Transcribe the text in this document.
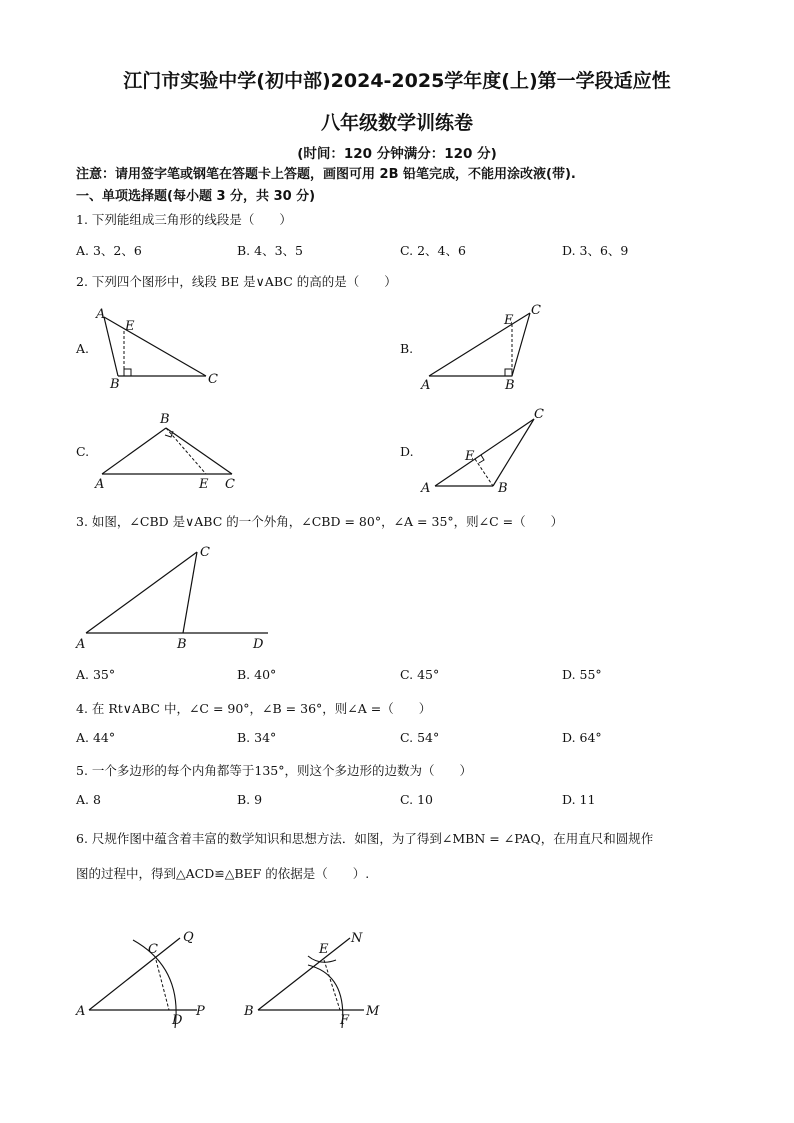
江门市实验中学(初中部)2024-2025学年度(上)第一学段适应性
八年级数学训练卷
(时间：120 分钟满分：120 分)
注意：请用签字笔或钢笔在答题卡上答题，画图可用 2B 铅笔完成，不能用涂改液(带).
一、单项选择题(每小题 3 分，共 30 分)
1. 下列能组成三角形的线段是（　　）
A. 3、2、6	B. 4、3、5	C. 2、4、6	D. 3、6、9
2. 下列四个图形中，线段 BE 是∨ABC 的高的是（　　）
A.	B.
C.	D.
A
E
B	C
E
C
A	B
B
A	E C
C
E
A	B
3. 如图，∠CBD 是∨ABC 的一个外角，∠CBD = 80°，∠A = 35°，则∠C =（　　）
C
A	B	D
A. 35°	B. 40°	C. 45°	D. 55°
4. 在 Rt∨ABC 中，∠C = 90°，∠B = 36°，则∠A =（　　）
A. 44°	B. 34°	C. 54°	D. 64°
5. 一个多边形的每个内角都等于135°，则这个多边形的边数为（　　）
A. 8	B. 9	C. 10	D. 11
6. 尺规作图中蕴含着丰富的数学知识和思想方法．如图，为了得到∠MBN = ∠PAQ，在用直尺和圆规作
图的过程中，得到△ACD≌△BEF 的依据是（　　）.
C
Q
A
D
P
E
N
B
F
M
